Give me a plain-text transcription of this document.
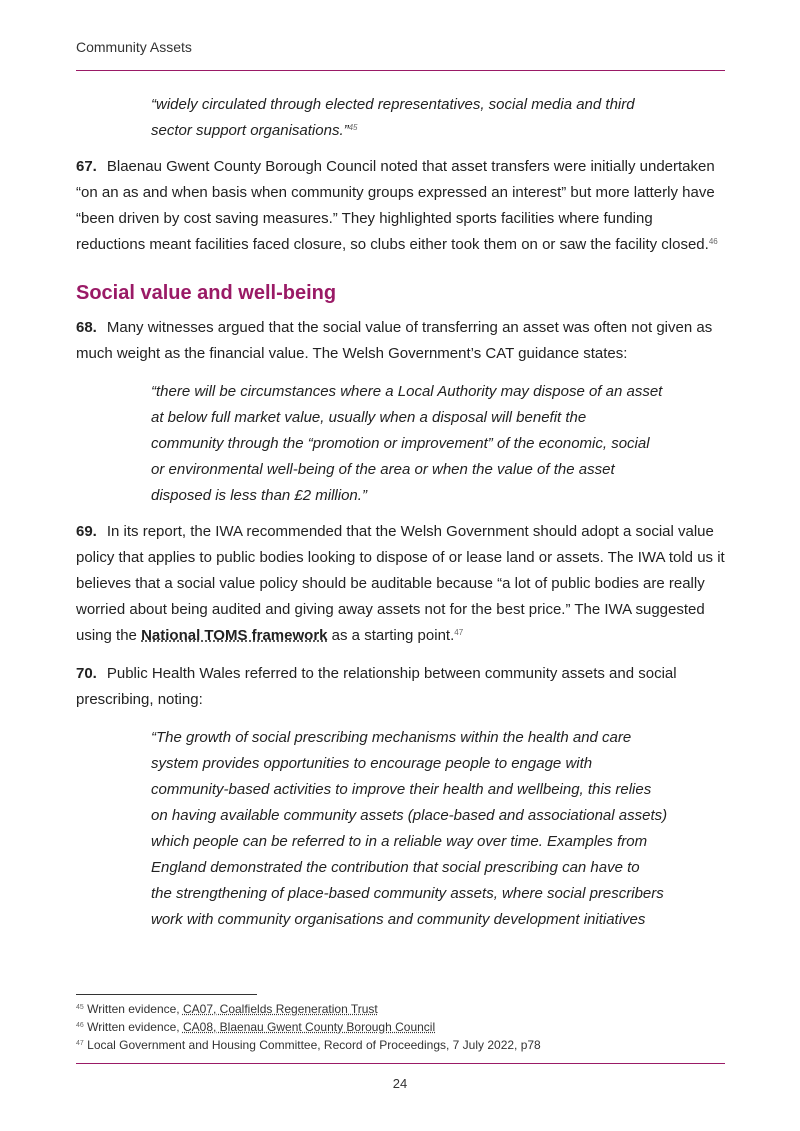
Community Assets
“widely circulated through elected representatives, social media and third
sector support organisations.”$^{45}$

67. Blaenau Gwent County Borough Council noted that asset transfers were initially undertaken “on an as and when basis when community groups expressed an interest” but more latterly have “been driven by cost saving measures.” They highlighted sports facilities where funding reductions meant facilities faced closure, so clubs either took them on or saw the facility closed.$^{46}$

Social value and well-being

68. Many witnesses argued that the social value of transferring an asset was often not given as much weight as the financial value. The Welsh Government’s CAT guidance states:

“there will be circumstances where a Local Authority may dispose of an asset
at below full market value, usually when a disposal will benefit the
community through the “promotion or improvement” of the economic, social
or environmental well-being of the area or when the value of the asset
disposed is less than £2 million.”

69. In its report, the IWA recommended that the Welsh Government should adopt a social value policy that applies to public bodies looking to dispose of or lease land or assets. The IWA told us it believes that a social value policy should be auditable because “a lot of public bodies are really worried about being audited and giving away assets not for the best price.” The IWA suggested using the National TOMS framework as a starting point.$^{47}$

70. Public Health Wales referred to the relationship between community assets and social prescribing, noting:

“The growth of social prescribing mechanisms within the health and care
system provides opportunities to encourage people to engage with
community-based activities to improve their health and wellbeing, this relies
on having available community assets (place-based and associational assets)
which people can be referred to in a reliable way over time. Examples from
England demonstrated the contribution that social prescribing can have to
the strengthening of place-based community assets, where social prescribers
work with community organisations and community development initiatives
$^{45}$ Written evidence, CA07, Coalfields Regeneration Trust
$^{46}$ Written evidence, CA08, Blaenau Gwent County Borough Council
$^{47}$ Local Government and Housing Committee, Record of Proceedings, 7 July 2022, p78
24
